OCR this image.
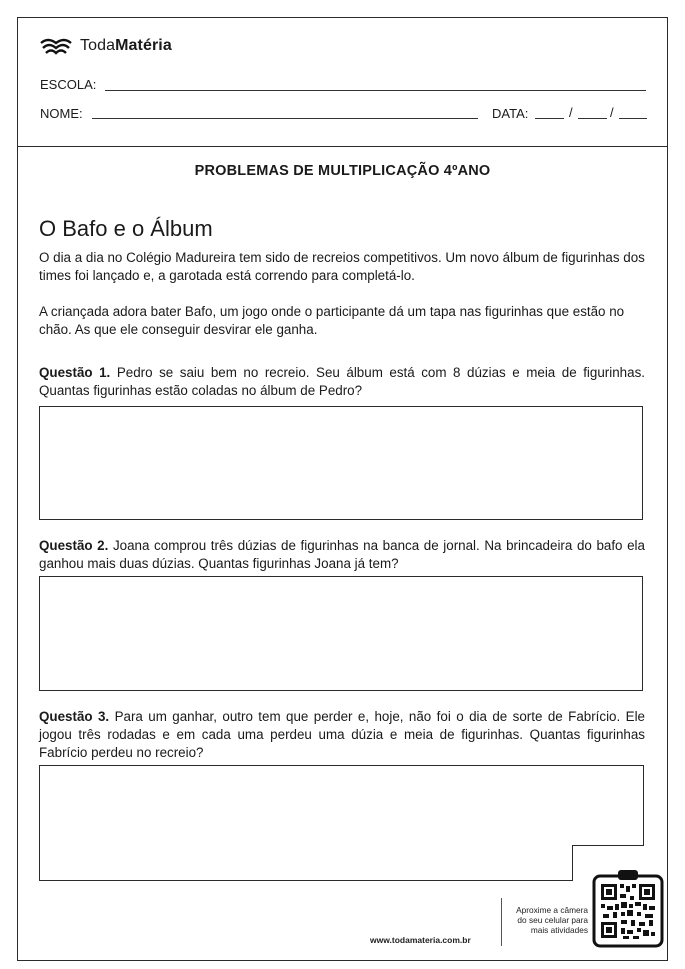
TodaMatéria
ESCOLA:
NOME:	DATA:	/	/
PROBLEMAS DE MULTIPLICAÇÃO 4ºANO
O Bafo e o Álbum
O dia a dia no Colégio Madureira tem sido de recreios competitivos. Um novo álbum de figurinhas dos times foi lançado e, a garotada está correndo para completá-lo.
A criançada adora bater Bafo, um jogo onde o participante dá um tapa nas figurinhas que estão no chão. As que ele conseguir desvirar ele ganha.
Questão 1. Pedro se saiu bem no recreio. Seu álbum está com 8 dúzias e meia de figurinhas. Quantas figurinhas estão coladas no álbum de Pedro?
Questão 2. Joana comprou três dúzias de figurinhas na banca de jornal. Na brincadeira do bafo ela ganhou mais duas dúzias. Quantas figurinhas Joana já tem?
Questão 3. Para um ganhar, outro tem que perder e, hoje, não foi o dia de sorte de Fabrício. Ele jogou três rodadas e em cada uma perdeu uma dúzia e meia de figurinhas. Quantas figurinhas Fabrício perdeu no recreio?
www.todamateria.com.br
Aproxime a câmera do seu celular para mais atividades
